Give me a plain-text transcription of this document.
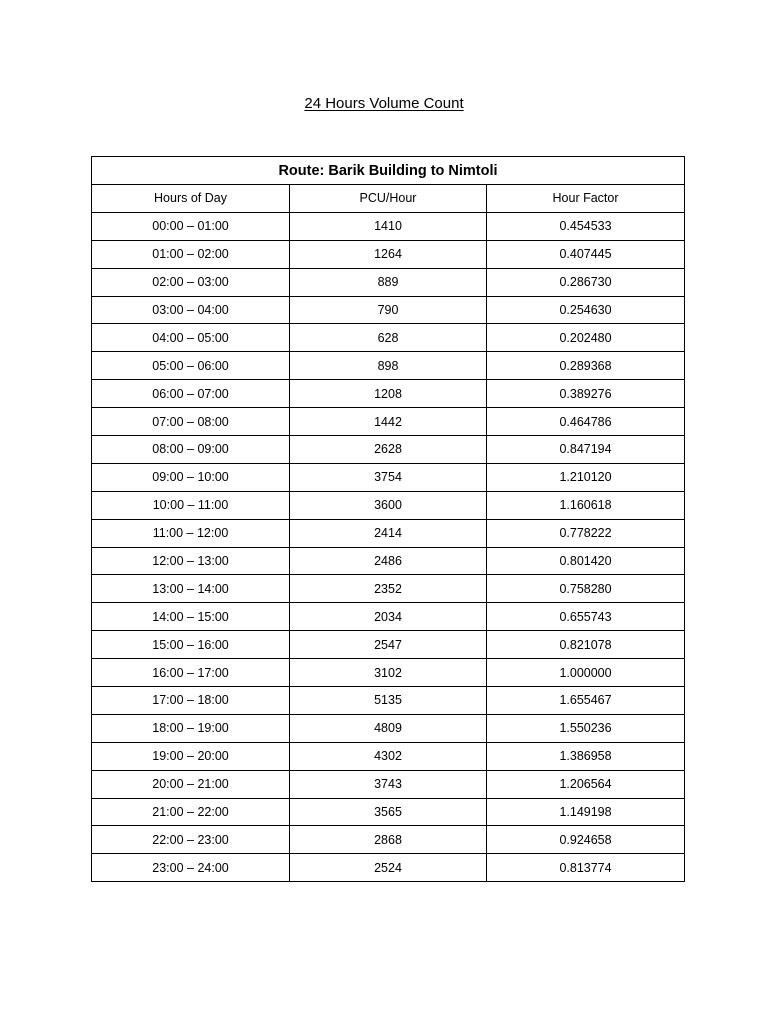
24 Hours Volume Count
Route: Barik Building to Nimtoli		
Hours of Day	PCU/Hour	Hour Factor
00:00 – 01:00	1410	0.454533
01:00 – 02:00	1264	0.407445
02:00 – 03:00	889	0.286730
03:00 – 04:00	790	0.254630
04:00 – 05:00	628	0.202480
05:00 – 06:00	898	0.289368
06:00 – 07:00	1208	0.389276
07:00 – 08:00	1442	0.464786
08:00 – 09:00	2628	0.847194
09:00 – 10:00	3754	1.210120
10:00 – 11:00	3600	1.160618
11:00 – 12:00	2414	0.778222
12:00 – 13:00	2486	0.801420
13:00 – 14:00	2352	0.758280
14:00 – 15:00	2034	0.655743
15:00 – 16:00	2547	0.821078
16:00 – 17:00	3102	1.000000
17:00 – 18:00	5135	1.655467
18:00 – 19:00	4809	1.550236
19:00 – 20:00	4302	1.386958
20:00 – 21:00	3743	1.206564
21:00 – 22:00	3565	1.149198
22:00 – 23:00	2868	0.924658
23:00 – 24:00	2524	0.813774
